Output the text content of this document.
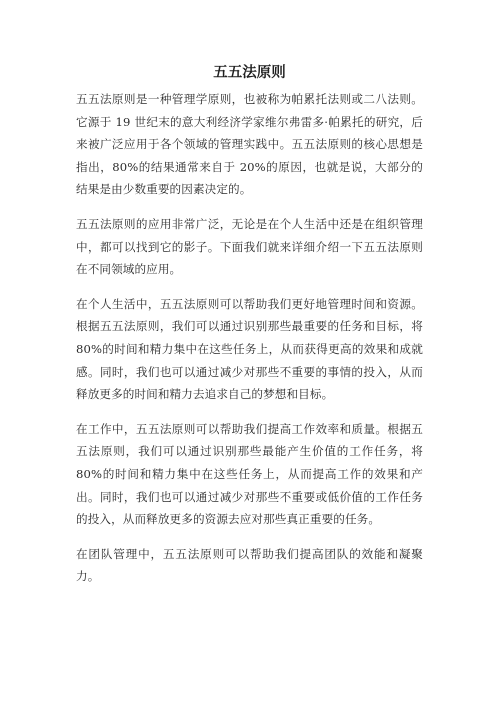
五五法原则

五五法原则是一种管理学原则，也被称为帕累托法则或二八法则。它源于 19 世纪末的意大利经济学家维尔弗雷多·帕累托的研究，后来被广泛应用于各个领域的管理实践中。五五法原则的核心思想是指出，80%的结果通常来自于 20%的原因，也就是说，大部分的结果是由少数重要的因素决定的。

五五法原则的应用非常广泛，无论是在个人生活中还是在组织管理中，都可以找到它的影子。下面我们就来详细介绍一下五五法原则在不同领域的应用。

在个人生活中，五五法原则可以帮助我们更好地管理时间和资源。根据五五法原则，我们可以通过识别那些最重要的任务和目标，将 80%的时间和精力集中在这些任务上，从而获得更高的效果和成就感。同时，我们也可以通过减少对那些不重要的事情的投入，从而释放更多的时间和精力去追求自己的梦想和目标。

在工作中，五五法原则可以帮助我们提高工作效率和质量。根据五五法原则，我们可以通过识别那些最能产生价值的工作任务，将 80%的时间和精力集中在这些任务上，从而提高工作的效果和产出。同时，我们也可以通过减少对那些不重要或低价值的工作任务的投入，从而释放更多的资源去应对那些真正重要的任务。

在团队管理中，五五法原则可以帮助我们提高团队的效能和凝聚力。
